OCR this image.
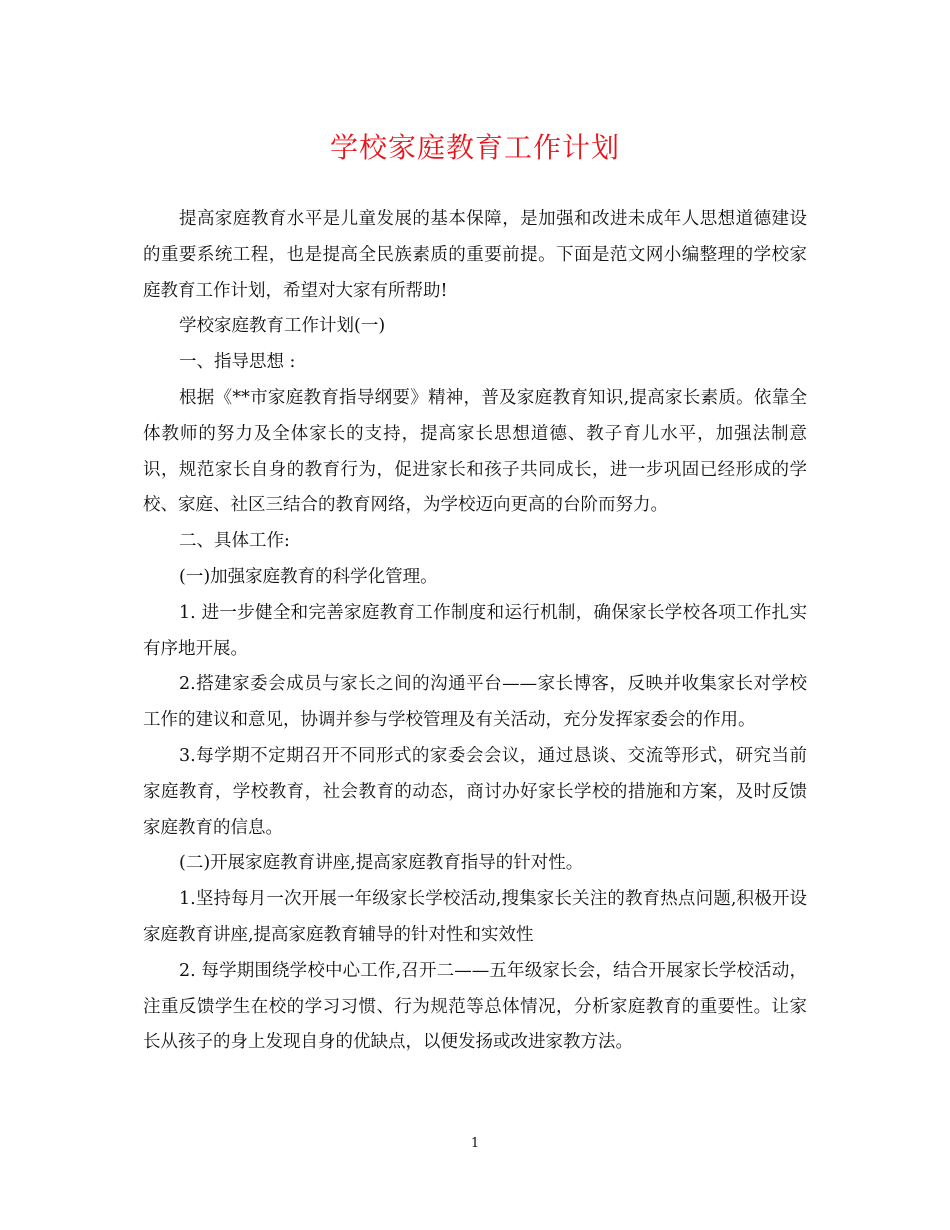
学校家庭教育工作计划

提高家庭教育水平是儿童发展的基本保障，是加强和改进未成年人思想道德建设的重要系统工程，也是提高全民族素质的重要前提。下面是范文网小编整理的学校家庭教育工作计划，希望对大家有所帮助!

学校家庭教育工作计划(一)

一、指导思想 :

根据《**市家庭教育指导纲要》精神，普及家庭教育知识,提高家长素质。依靠全体教师的努力及全体家长的支持，提高家长思想道德、教子育儿水平，加强法制意识，规范家长自身的教育行为，促进家长和孩子共同成长，进一步巩固已经形成的学校、家庭、社区三结合的教育网络，为学校迈向更高的台阶而努力。

二、具体工作:

(一)加强家庭教育的科学化管理。

1. 进一步健全和完善家庭教育工作制度和运行机制，确保家长学校各项工作扎实有序地开展。

2.搭建家委会成员与家长之间的沟通平台——家长博客，反映并收集家长对学校工作的建议和意见，协调并参与学校管理及有关活动，充分发挥家委会的作用。

3.每学期不定期召开不同形式的家委会会议，通过恳谈、交流等形式，研究当前家庭教育，学校教育，社会教育的动态，商讨办好家长学校的措施和方案，及时反馈家庭教育的信息。

(二)开展家庭教育讲座,提高家庭教育指导的针对性。

1.坚持每月一次开展一年级家长学校活动,搜集家长关注的教育热点问题,积极开设家庭教育讲座,提高家庭教育辅导的针对性和实效性

2. 每学期围绕学校中心工作,召开二——五年级家长会，结合开展家长学校活动，注重反馈学生在校的学习习惯、行为规范等总体情况，分析家庭教育的重要性。让家长从孩子的身上发现自身的优缺点，以便发扬或改进家教方法。

1
